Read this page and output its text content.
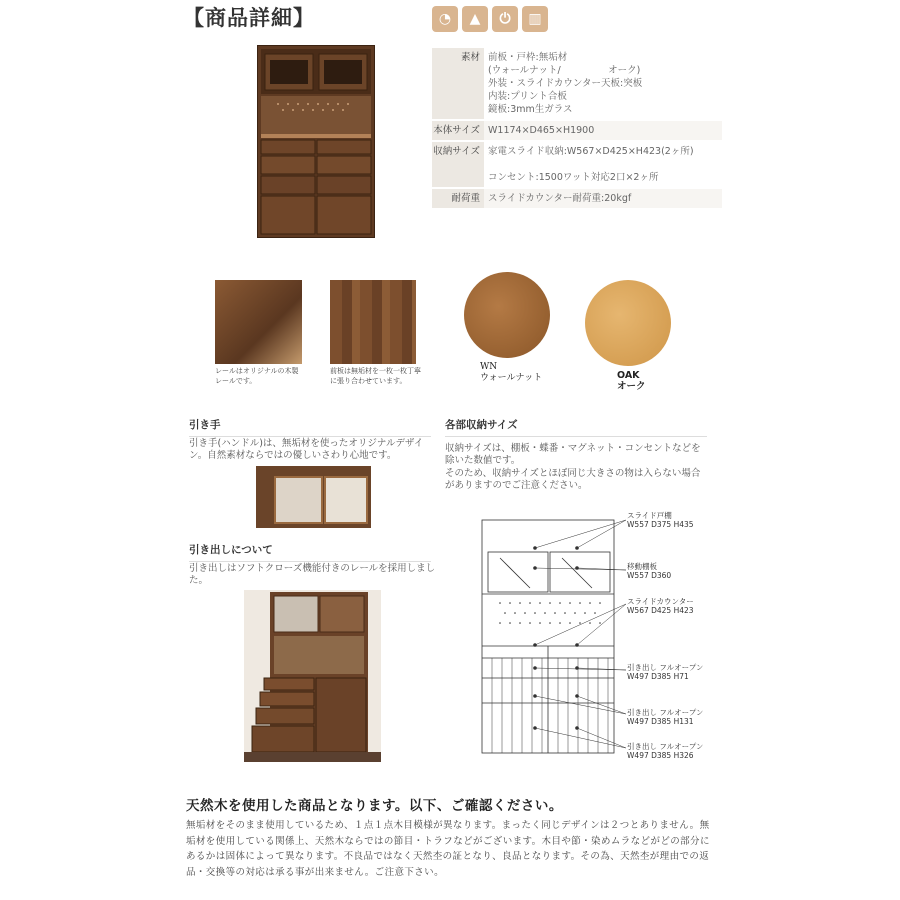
【商品詳細】	◔	▲	⏻	▥
素材 前板・戸枠:無垢材
(ウォールナット/　　　　　オーク)
外装・スライドカウンター天板:突板
内装:プリント合板
鏡板:3mm生ガラス
本体サイズ W1174×D465×H1900
収納サイズ 家電スライド収納:W567×D425×H423(2ヶ所)

コンセント:1500ワット対応2口×2ヶ所
耐荷重 スライドカウンター耐荷重:20kgf
レールはオリジナルの木製レールです。
前板は無垢材を一枚一枚丁寧に張り合わせています。
WN
ウォールナット	OAK
オーク
引き手
引き手(ハンドル)は、無垢材を使ったオリジナルデザイン。自然素材ならではの優しいさわり心地です。
引き出しについて
引き出しはソフトクローズ機能付きのレールを採用しました。
各部収納サイズ
収納サイズは、棚板・蝶番・マグネット・コンセントなどを除いた数値です。
そのため、収納サイズとほぼ同じ大きさの物は入らない場合がありますのでご注意ください。
スライド戸棚
W557 D375 H435
移動棚板
W557 D360
スライドカウンター
W567 D425 H423
引き出し フルオープン
W497 D385 H71
引き出し フルオープン
W497 D385 H131
引き出し フルオープン
W497 D385 H326
天然木を使用した商品となります。以下、ご確認ください。
無垢材をそのまま使用しているため、１点１点木目模様が異なります。まったく同じデザインは２つとありません。無垢材を使用している関係上、天然木ならではの節目・トラフなどがございます。木目や節・染めムラなどがどの部分にあるかは固体によって異なります。不良品ではなく天然杢の証となり、良品となります。その為、天然杢が理由での返品・交換等の対応は承る事が出来ません。ご注意下さい。
